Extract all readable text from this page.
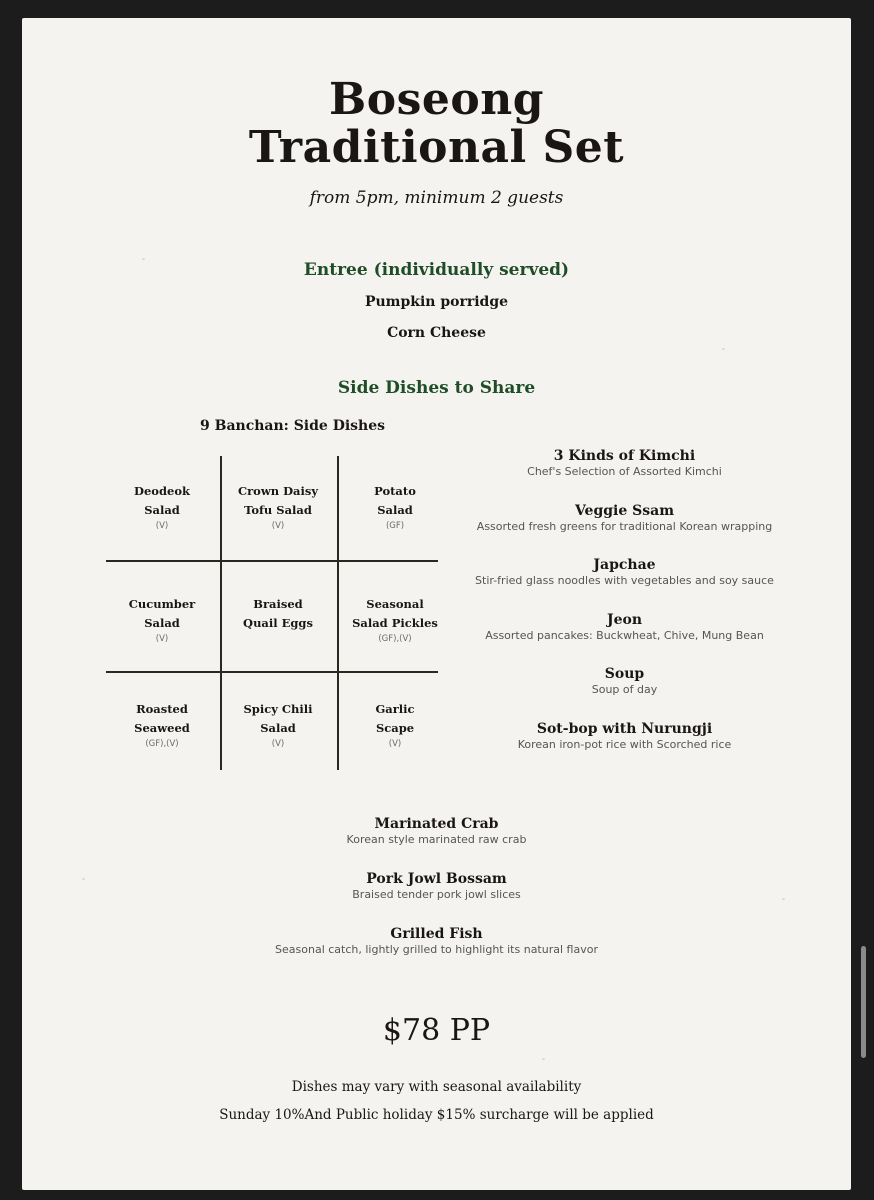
Boseong
Traditional Set
from 5pm, minimum 2 guests
Entree (individually served)
Pumpkin porridge
Corn Cheese
Side Dishes to Share
9 Banchan: Side Dishes
Deodeok
Salad
(V)
Crown Daisy
Tofu Salad
(V)
Potato
Salad
(GF)
Cucumber
Salad
(V)
Braised
Quail Eggs
Seasonal
Salad Pickles
(GF),(V)
Roasted
Seaweed
(GF),(V)
Spicy Chili
Salad
(V)
Garlic
Scape
(V)
3 Kinds of Kimchi
Chef's Selection of Assorted Kimchi
Veggie Ssam
Assorted fresh greens for traditional Korean wrapping
Japchae
Stir-fried glass noodles with vegetables and soy sauce
Jeon
Assorted pancakes: Buckwheat, Chive, Mung Bean
Soup
Soup of day
Sot-bop with Nurungji
Korean iron-pot rice with Scorched rice
Marinated Crab
Korean style marinated raw crab
Pork Jowl Bossam
Braised tender pork jowl slices
Grilled Fish
Seasonal catch, lightly grilled to highlight its natural flavor
$78 PP
Dishes may vary with seasonal availability
Sunday 10%And Public holiday $15% surcharge will be applied
